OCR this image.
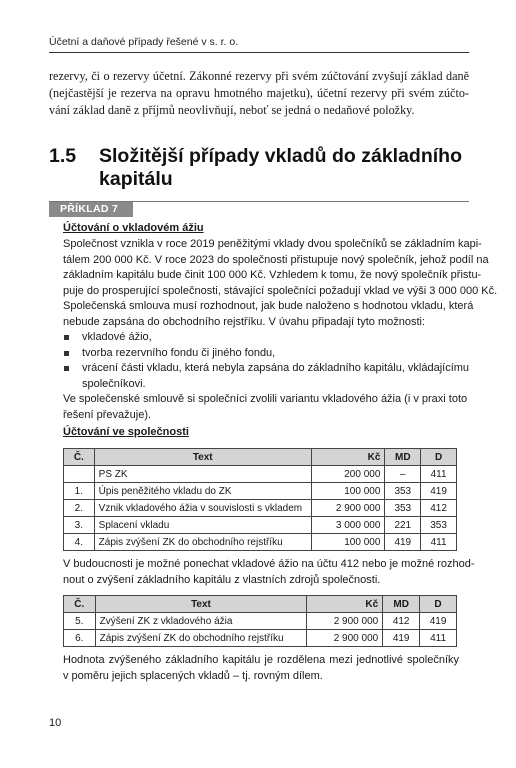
Účetní a daňové případy řešené v s. r. o.
rezervy, či o rezervy účetní. Zákonné rezervy při svém zúčtování zvyšují základ daně
(nejčastější je rezerva na opravu hmotného majetku), účetní rezervy při svém zúčto-
vání základ daně z příjmů neovlivňují, neboť se jedná o nedaňové položky.
1.5 Složitější případy vkladů do základního kapitálu
PŘÍKLAD 7
Účtování o vkladovém ážiu
Společnost vznikla v roce 2019 peněžitými vklady dvou společníků se základním kapi-
tálem 200 000 Kč. V roce 2023 do společnosti přistupuje nový společník, jehož podíl na
základním kapitálu bude činit 100 000 Kč. Vzhledem k tomu, že nový společník přistu-
puje do prosperující společnosti, stávající společníci požadují vklad ve výši 3 000 000 Kč.
Společenská smlouva musí rozhodnout, jak bude naloženo s hodnotou vkladu, která
nebude zapsána do obchodního rejstříku. V úvahu připadají tyto možnosti:
vkladové ážio,
tvorba rezervního fondu či jiného fondu,
vrácení části vkladu, která nebyla zapsána do základního kapitálu, vkládajícímu
společníkovi.
Ve společenské smlouvě si společníci zvolili variantu vkladového ážia (i v praxi toto
řešení převažuje).
Účtování ve společnosti
Č.	Text	Kč	MD	D
	PS ZK	200 000	–	411
1.	Úpis peněžitého vkladu do ZK	100 000	353	419
2.	Vznik vkladového ážia v souvislosti s vkladem	2 900 000	353	412
3.	Splacení vkladu	3 000 000	221	353
4.	Zápis zvýšení ZK do obchodního rejstříku	100 000	419	411
V budoucnosti je možné ponechat vkladové ážio na účtu 412 nebo je možné rozhod-
nout o zvýšení základního kapitálu z vlastních zdrojů společnosti.
Č.	Text	Kč	MD	D
5.	Zvýšení ZK z vkladového ážia	2 900 000	412	419
6.	Zápis zvýšení ZK do obchodního rejstříku	2 900 000	419	411
Hodnota zvýšeného základního kapitálu je rozdělena mezi jednotlivé společníky
v poměru jejich splacených vkladů – tj. rovným dílem.
10
